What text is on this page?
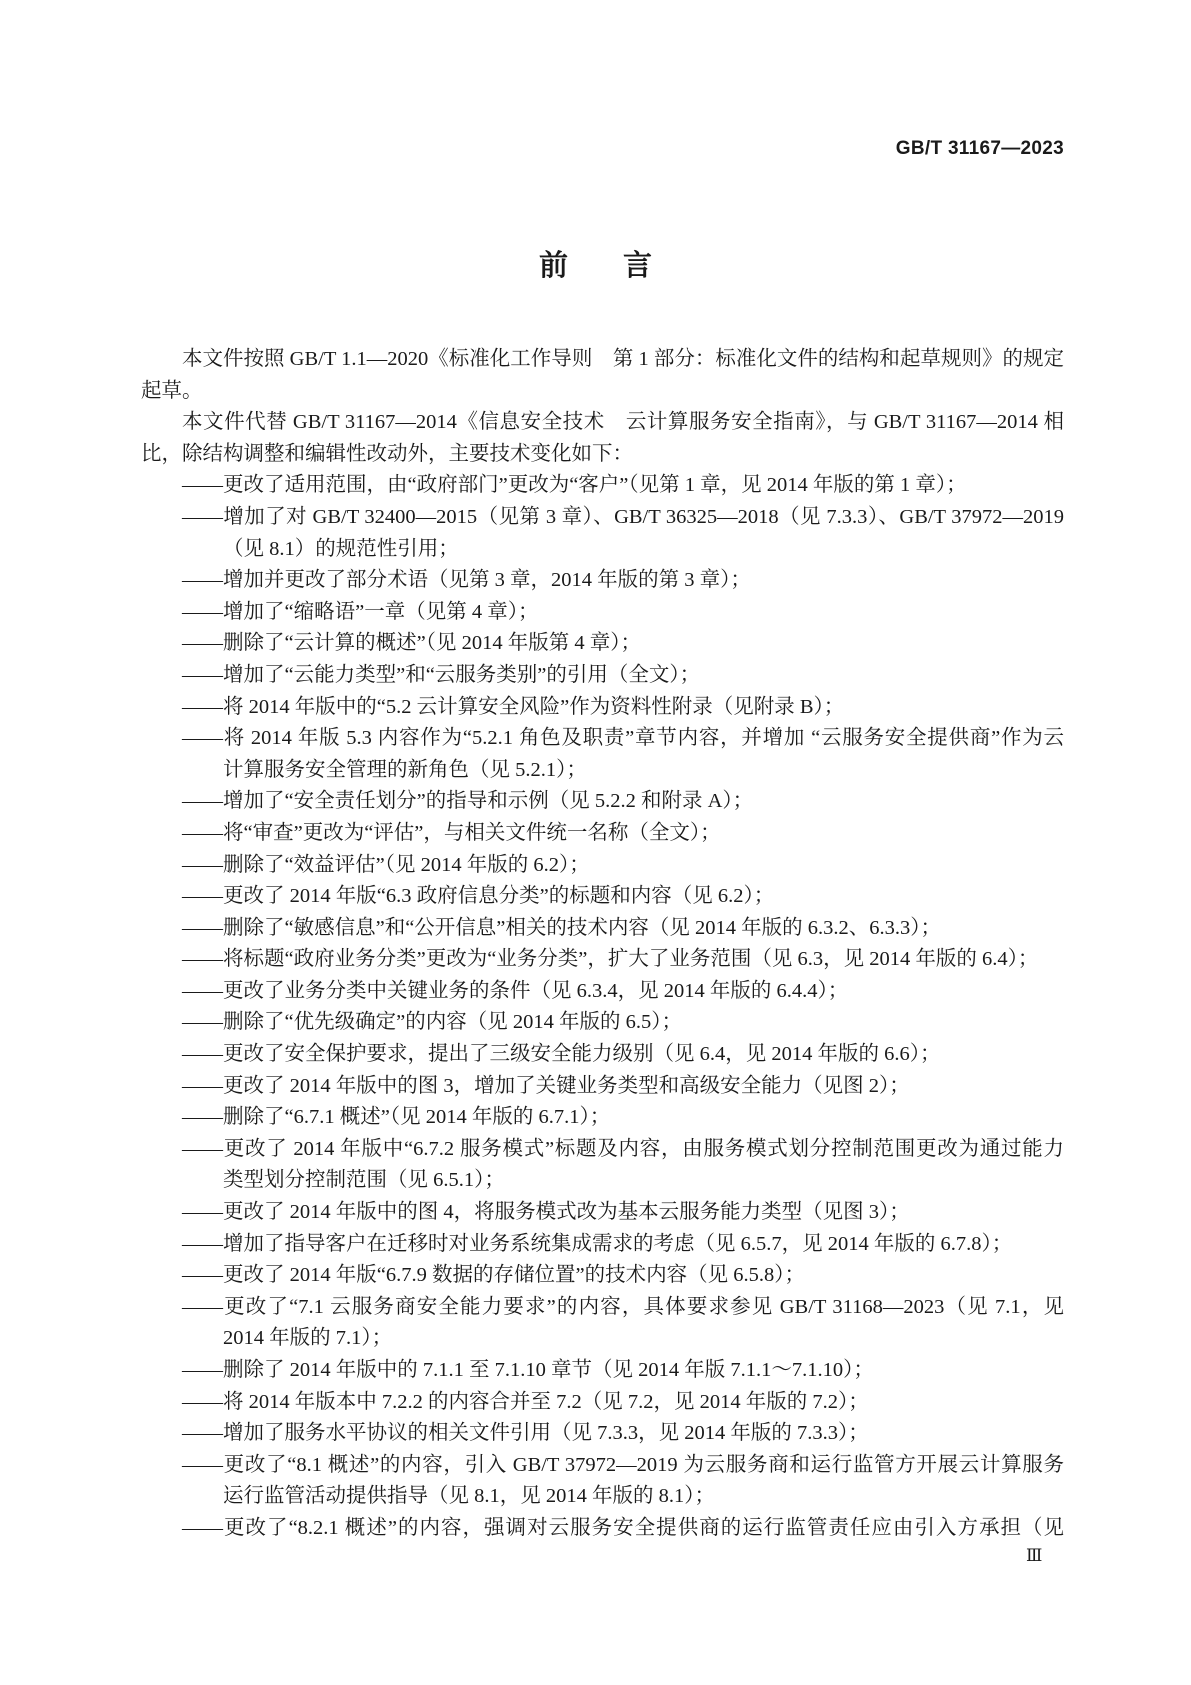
GB/T 31167—2023
前言
本文件按照 GB/T 1.1—2020《标准化工作导则　第 1 部分：标准化文件的结构和起草规则》的规定
起草。
本文件代替 GB/T 31167—2014《信息安全技术　云计算服务安全指南》，与 GB/T 31167—2014 相
比，除结构调整和编辑性改动外，主要技术变化如下：
——更改了适用范围，由“政府部门”更改为“客户”（见第 1 章，见 2014 年版的第 1 章）；
——增加了对 GB/T 32400—2015（见第 3 章）、GB/T 36325—2018（见 7.3.3）、GB/T 37972—2019
（见 8.1）的规范性引用；
——增加并更改了部分术语（见第 3 章，2014 年版的第 3 章）；
——增加了“缩略语”一章（见第 4 章）；
——删除了“云计算的概述”（见 2014 年版第 4 章）；
——增加了“云能力类型”和“云服务类别”的引用（全文）；
——将 2014 年版中的“5.2 云计算安全风险”作为资料性附录（见附录 B）；
——将 2014 年版 5.3 内容作为“5.2.1 角色及职责”章节内容，并增加 “云服务安全提供商”作为云
计算服务安全管理的新角色（见 5.2.1）；
——增加了“安全责任划分”的指导和示例（见 5.2.2 和附录 A）；
——将“审查”更改为“评估”，与相关文件统一名称（全文）；
——删除了“效益评估”（见 2014 年版的 6.2）；
——更改了 2014 年版“6.3 政府信息分类”的标题和内容（见 6.2）；
——删除了“敏感信息”和“公开信息”相关的技术内容（见 2014 年版的 6.3.2、6.3.3）；
——将标题“政府业务分类”更改为“业务分类”，扩大了业务范围（见 6.3，见 2014 年版的 6.4）；
——更改了业务分类中关键业务的条件（见 6.3.4，见 2014 年版的 6.4.4）；
——删除了“优先级确定”的内容（见 2014 年版的 6.5）；
——更改了安全保护要求，提出了三级安全能力级别（见 6.4，见 2014 年版的 6.6）；
——更改了 2014 年版中的图 3，增加了关键业务类型和高级安全能力（见图 2）；
——删除了“6.7.1 概述”（见 2014 年版的 6.7.1）；
——更改了 2014 年版中“6.7.2 服务模式”标题及内容，由服务模式划分控制范围更改为通过能力
类型划分控制范围（见 6.5.1）；
——更改了 2014 年版中的图 4，将服务模式改为基本云服务能力类型（见图 3）；
——增加了指导客户在迁移时对业务系统集成需求的考虑（见 6.5.7，见 2014 年版的 6.7.8）；
——更改了 2014 年版“6.7.9 数据的存储位置”的技术内容（见 6.5.8）；
——更改了“7.1 云服务商安全能力要求”的内容，具体要求参见 GB/T 31168—2023（见 7.1，见
2014 年版的 7.1）；
——删除了 2014 年版中的 7.1.1 至 7.1.10 章节（见 2014 年版 7.1.1～7.1.10）；
——将 2014 年版本中 7.2.2 的内容合并至 7.2（见 7.2，见 2014 年版的 7.2）；
——增加了服务水平协议的相关文件引用（见 7.3.3，见 2014 年版的 7.3.3）；
——更改了“8.1 概述”的内容，引入 GB/T 37972—2019 为云服务商和运行监管方开展云计算服务
运行监管活动提供指导（见 8.1，见 2014 年版的 8.1）；
——更改了“8.2.1 概述”的内容，强调对云服务安全提供商的运行监管责任应由引入方承担（见
Ⅲ
